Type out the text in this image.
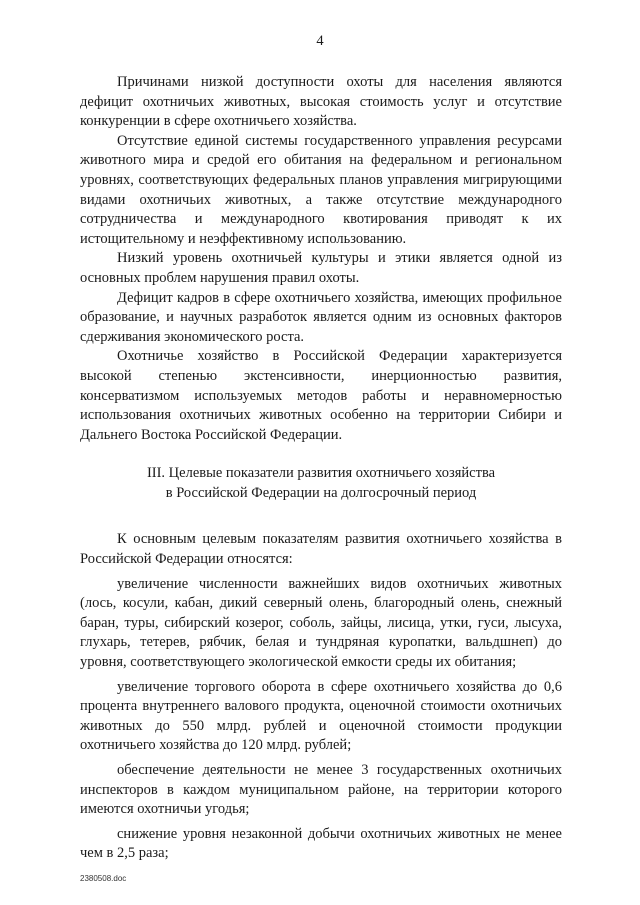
4

Причинами низкой доступности охоты для населения являются дефицит охотничьих животных, высокая стоимость услуг и отсутствие конкуренции в сфере охотничьего хозяйства.

Отсутствие единой системы государственного управления ресурсами животного мира и средой его обитания на федеральном и региональном уровнях, соответствующих федеральных планов управления мигрирующими видами охотничьих животных, а также отсутствие международного сотрудничества и международного квотирования приводят к их истощительному и неэффективному использованию.

Низкий уровень охотничьей культуры и этики является одной из основных проблем нарушения правил охоты.

Дефицит кадров в сфере охотничьего хозяйства, имеющих профильное образование, и научных разработок является одним из основных факторов сдерживания экономического роста.

Охотничье хозяйство в Российской Федерации характеризуется высокой степенью экстенсивности, инерционностью развития, консерватизмом используемых методов работы и неравномерностью использования охотничьих животных особенно на территории Сибири и Дальнего Востока Российской Федерации.

III. Целевые показатели развития охотничьего хозяйства
в Российской Федерации на долгосрочный период

К основным целевым показателям развития охотничьего хозяйства в Российской Федерации относятся:

увеличение численности важнейших видов охотничьих животных (лось, косули, кабан, дикий северный олень, благородный олень, снежный баран, туры, сибирский козерог, соболь, зайцы, лисица, утки, гуси, лысуха, глухарь, тетерев, рябчик, белая и тундряная куропатки, вальдшнеп) до уровня, соответствующего экологической емкости среды их обитания;

увеличение торгового оборота в сфере охотничьего хозяйства до 0,6 процента внутреннего валового продукта, оценочной стоимости охотничьих животных до 550 млрд. рублей и оценочной стоимости продукции охотничьего хозяйства до 120 млрд. рублей;

обеспечение деятельности не менее 3 государственных охотничьих инспекторов в каждом муниципальном районе, на территории которого имеются охотничьи угодья;

снижение уровня незаконной добычи охотничьих животных не менее чем в 2,5 раза;

2380508.doc
